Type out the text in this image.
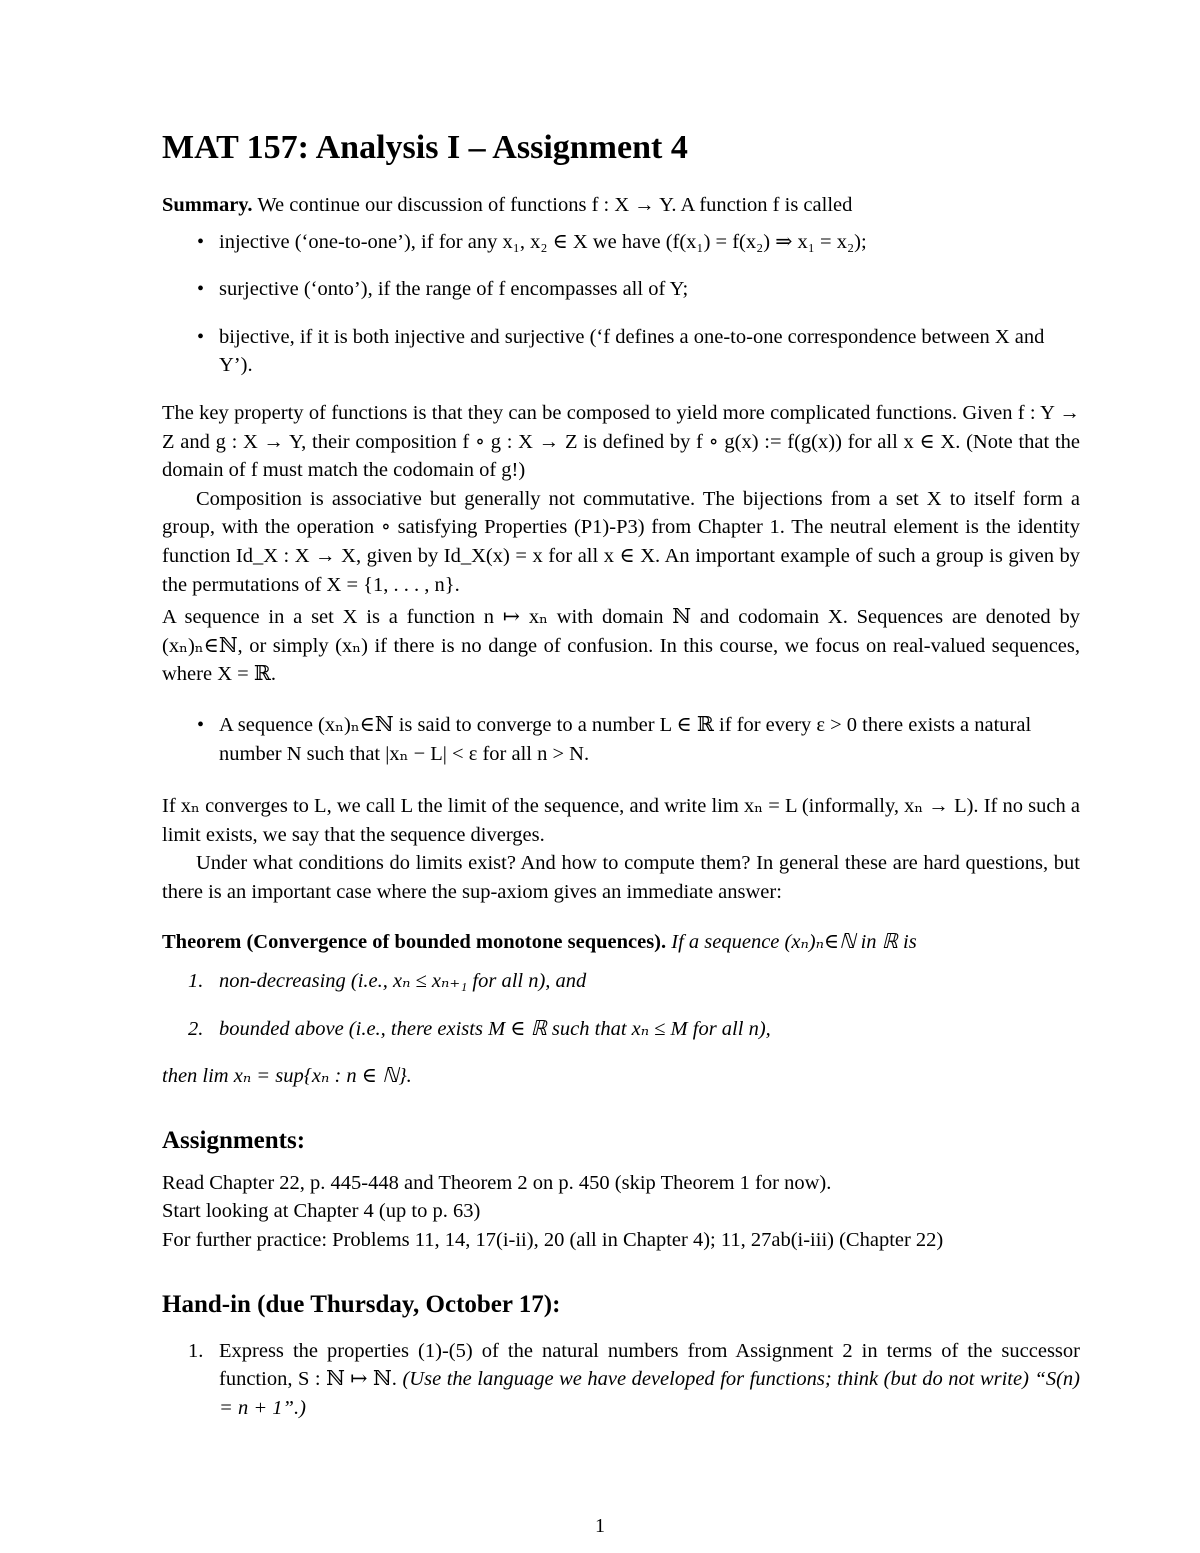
MAT 157: Analysis I – Assignment 4

Summary. We continue our discussion of functions f : X → Y. A function f is called

• injective (‘one-to-one’), if for any x₁, x₂ ∈ X we have (f(x₁) = f(x₂) ⇒ x₁ = x₂);
• surjective (‘onto’), if the range of f encompasses all of Y;
• bijective, if it is both injective and surjective (‘f defines a one-to-one correspondence between X and Y’).

The key property of functions is that they can be composed to yield more complicated functions. Given f : Y → Z and g : X → Y, their composition f ∘ g : X → Z is defined by f ∘ g(x) := f(g(x)) for all x ∈ X. (Note that the domain of f must match the codomain of g!)

Composition is associative but generally not commutative. The bijections from a set X to itself form a group, with the operation ∘ satisfying Properties (P1)-P3) from Chapter 1. The neutral element is the identity function Id_X : X → X, given by Id_X(x) = x for all x ∈ X. An important example of such a group is given by the permutations of X = {1, . . . , n}.

A sequence in a set X is a function n ↦ xₙ with domain ℕ and codomain X. Sequences are denoted by (xₙ)ₙ∈ℕ, or simply (xₙ) if there is no dange of confusion. In this course, we focus on real-valued sequences, where X = ℝ.

• A sequence (xₙ)ₙ∈ℕ is said to converge to a number L ∈ ℝ if for every ε > 0 there exists a natural number N such that |xₙ − L| < ε for all n > N.

If xₙ converges to L, we call L the limit of the sequence, and write lim xₙ = L (informally, xₙ → L). If no such a limit exists, we say that the sequence diverges.

Under what conditions do limits exist? And how to compute them? In general these are hard questions, but there is an important case where the sup-axiom gives an immediate answer:

Theorem (Convergence of bounded monotone sequences). If a sequence (xₙ)ₙ∈ℕ in ℝ is

1. non-decreasing (i.e., xₙ ≤ xₙ₊₁ for all n), and
2. bounded above (i.e., there exists M ∈ ℝ such that xₙ ≤ M for all n),

then lim xₙ = sup{xₙ : n ∈ ℕ}.

Assignments:

Read Chapter 22, p. 445-448 and Theorem 2 on p. 450 (skip Theorem 1 for now).

Start looking at Chapter 4 (up to p. 63)

For further practice: Problems 11, 14, 17(i-ii), 20 (all in Chapter 4); 11, 27ab(i-iii) (Chapter 22)

Hand-in (due Thursday, October 17):
1. Express the properties (1)-(5) of the natural numbers from Assignment 2 in terms of the successor function, S : ℕ ↦ ℕ. (Use the language we have developed for functions; think (but do not write) “S(n) = n + 1”.)
1
